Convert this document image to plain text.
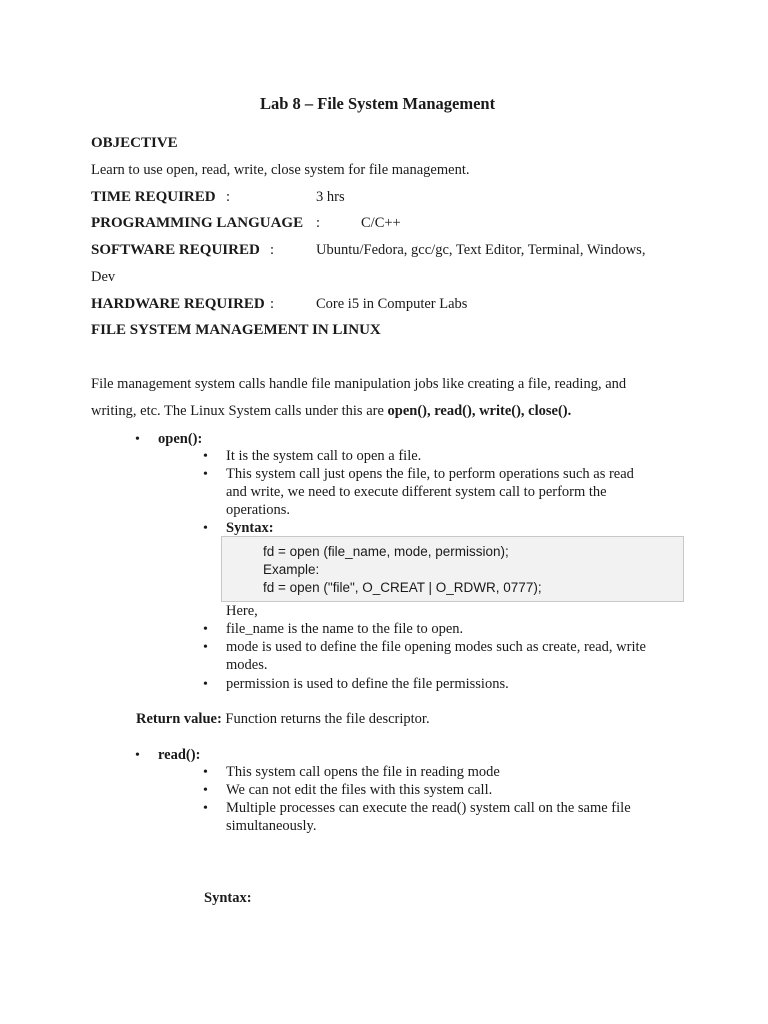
Lab 8 – File System Management
OBJECTIVE
Learn to use open, read, write, close system for file management.
TIME REQUIRED :	3 hrs
PROGRAMMING LANGUAGE :	C/C++
SOFTWARE REQUIRED :	Ubuntu/Fedora, gcc/gc, Text Editor, Terminal, Windows,
Dev
HARDWARE REQUIRED :	Core i5 in Computer Labs
FILE SYSTEM MANAGEMENT IN LINUX
File management system calls handle file manipulation jobs like creating a file, reading, and
writing, etc. The Linux System calls under this are open(), read(), write(), close().
• open():
• It is the system call to open a file.
• This system call just opens the file, to perform operations such as read
and write, we need to execute different system call to perform the
operations.
• Syntax:
fd = open (file_name, mode, permission);
Example:
fd = open ("file", O_CREAT | O_RDWR, 0777);
Here,
• file_name is the name to the file to open.
• mode is used to define the file opening modes such as create, read, write
modes.
• permission is used to define the file permissions.
Return value: Function returns the file descriptor.
• read():
• This system call opens the file in reading mode
• We can not edit the files with this system call.
• Multiple processes can execute the read() system call on the same file
simultaneously.
Syntax:
